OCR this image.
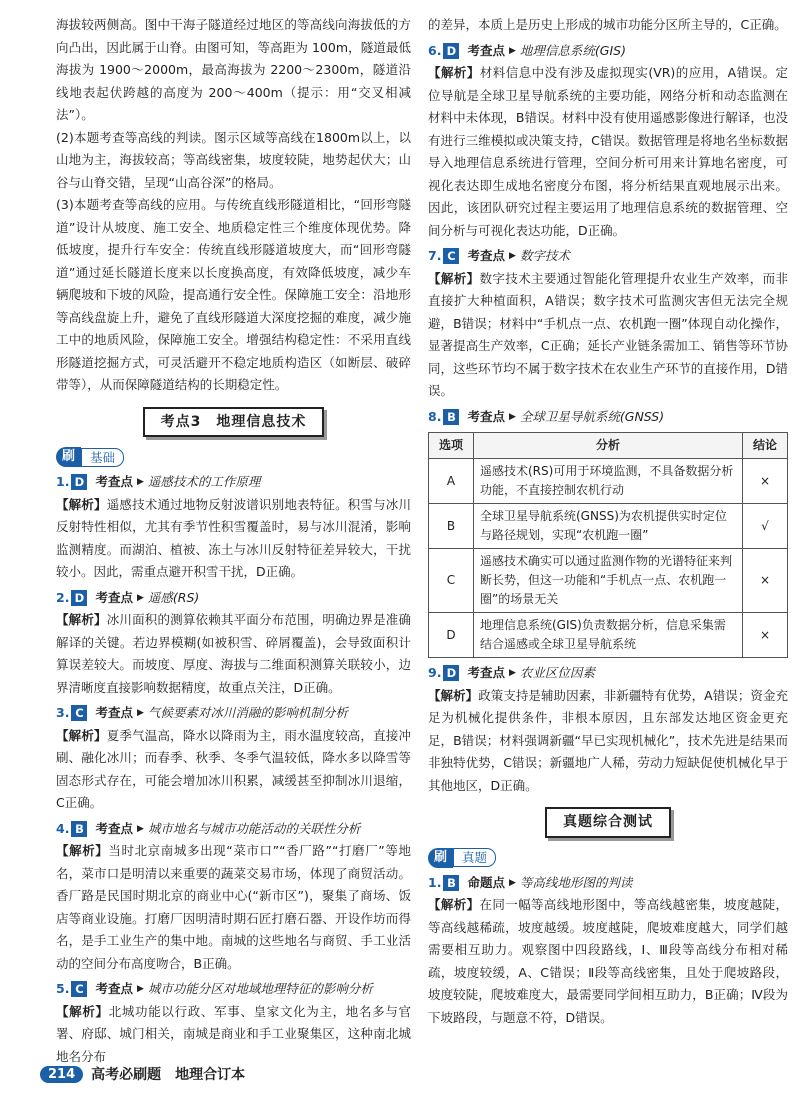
海拔较两侧高。图中干海子隧道经过地区的等高线向海拔低的方向凸出，因此属于山脊。由图可知，等高距为 100m，隧道最低海拔为 1900～2000m，最高海拔为 2200～2300m，隧道沿线地表起伏跨越的高度为 200～400m（提示：用“交叉相减法”）。

(2)本题考查等高线的判读。图示区域等高线在1800m以上，以山地为主，海拔较高；等高线密集，坡度较陡，地势起伏大；山谷与山脊交错，呈现“山高谷深”的格局。

(3)本题考查等高线的应用。与传统直线形隧道相比，“回形弯隧道”设计从坡度、施工安全、地质稳定性三个维度体现优势。降低坡度，提升行车安全：传统直线形隧道坡度大，而“回形弯隧道”通过延长隧道长度来以长度换高度，有效降低坡度，减少车辆爬坡和下坡的风险，提高通行安全性。保障施工安全：沿地形等高线盘旋上升，避免了直线形隧道大深度挖掘的难度，减少施工中的地质风险，保障施工安全。增强结构稳定性：不采用直线形隧道挖掘方式，可灵活避开不稳定地质构造区（如断层、破碎带等），从而保障隧道结构的长期稳定性。

考点3　地理信息技术
刷	基础
1. D 考查点 ▶ 遥感技术的工作原理

【解析】遥感技术通过地物反射波谱识别地表特征。积雪与冰川反射特性相似，尤其有季节性积雪覆盖时，易与冰川混淆，影响监测精度。而湖泊、植被、冻土与冰川反射特征差异较大，干扰较小。因此，需重点避开积雪干扰，D正确。

2. D 考查点 ▶ 遥感(RS)

【解析】冰川面积的测算依赖其平面分布范围，明确边界是准确解译的关键。若边界模糊(如被积雪、碎屑覆盖)，会导致面积计算误差较大。而坡度、厚度、海拔与二维面积测算关联较小，边界清晰度直接影响数据精度，故重点关注，D正确。

3. C 考查点 ▶ 气候要素对冰川消融的影响机制分析

【解析】夏季气温高，降水以降雨为主，雨水温度较高，直接冲刷、融化冰川；而春季、秋季、冬季气温较低，降水多以降雪等固态形式存在，可能会增加冰川积累，减缓甚至抑制冰川退缩，C正确。

4. B 考查点 ▶ 城市地名与城市功能活动的关联性分析

【解析】当时北京南城多出现“菜市口”“香厂路”“打磨厂”等地名，菜市口是明清以来重要的蔬菜交易市场，体现了商贸活动。香厂路是民国时期北京的商业中心(“新市区”)，聚集了商场、饭店等商业设施。打磨厂因明清时期石匠打磨石器、开设作坊而得名，是手工业生产的集中地。南城的这些地名与商贸、手工业活动的空间分布高度吻合，B正确。

5. C 考查点 ▶ 城市功能分区对地域地理特征的影响分析

【解析】北城功能以行政、军事、皇家文化为主，地名多与官署、府邸、城门相关，南城是商业和手工业聚集区，这种南北城地名分布

的差异，本质上是历史上形成的城市功能分区所主导的，C正确。

6. D 考查点 ▶ 地理信息系统(GIS)

【解析】材料信息中没有涉及虚拟现实(VR)的应用，A错误。定位导航是全球卫星导航系统的主要功能，网络分析和动态监测在材料中未体现，B错误。材料中没有使用遥感影像进行解译，也没有进行三维模拟或决策支持，C错误。数据管理是将地名坐标数据导入地理信息系统进行管理，空间分析可用来计算地名密度，可视化表达即生成地名密度分布图，将分析结果直观地展示出来。因此，该团队研究过程主要运用了地理信息系统的数据管理、空间分析与可视化表达功能，D正确。

7. C 考查点 ▶ 数字技术

【解析】数字技术主要通过智能化管理提升农业生产效率，而非直接扩大种植面积，A错误；数字技术可监测灾害但无法完全规避，B错误；材料中“手机点一点、农机跑一圈”体现自动化操作，显著提高生产效率，C正确；延长产业链条需加工、销售等环节协同，这些环节均不属于数字技术在农业生产环节的直接作用，D错误。

8. B 考查点 ▶ 全球卫星导航系统(GNSS)
选项	分析	结论
A	遥感技术(RS)可用于环境监测，不具备数据分析功能，不直接控制农机行动	×
B	全球卫星导航系统(GNSS)为农机提供实时定位与路径规划，实现“农机跑一圈”	√
C	遥感技术确实可以通过监测作物的光谱特征来判断长势，但这一功能和“手机点一点、农机跑一圈”的场景无关	×
D	地理信息系统(GIS)负责数据分析，信息采集需结合遥感或全球卫星导航系统	×
9. D 考查点 ▶ 农业区位因素

【解析】政策支持是辅助因素，非新疆特有优势，A错误；资金充足为机械化提供条件，非根本原因，且东部发达地区资金更充足，B错误；材料强调新疆“早已实现机械化”，技术先进是结果而非独特优势，C错误；新疆地广人稀，劳动力短缺促使机械化早于其他地区，D正确。

真题综合测试
刷	真题
1. B 命题点 ▶ 等高线地形图的判读

【解析】在同一幅等高线地形图中，等高线越密集，坡度越陡，等高线越稀疏，坡度越缓。坡度越陡，爬坡难度越大，同学们越需要相互助力。观察图中四段路线，Ⅰ、Ⅲ段等高线分布相对稀疏，坡度较缓，A、C错误；Ⅱ段等高线密集，且处于爬坡路段，坡度较陡，爬坡难度大，最需要同学间相互助力，B正确；Ⅳ段为下坡路段，与题意不符，D错误。

214	高考必刷题　地理合订本
